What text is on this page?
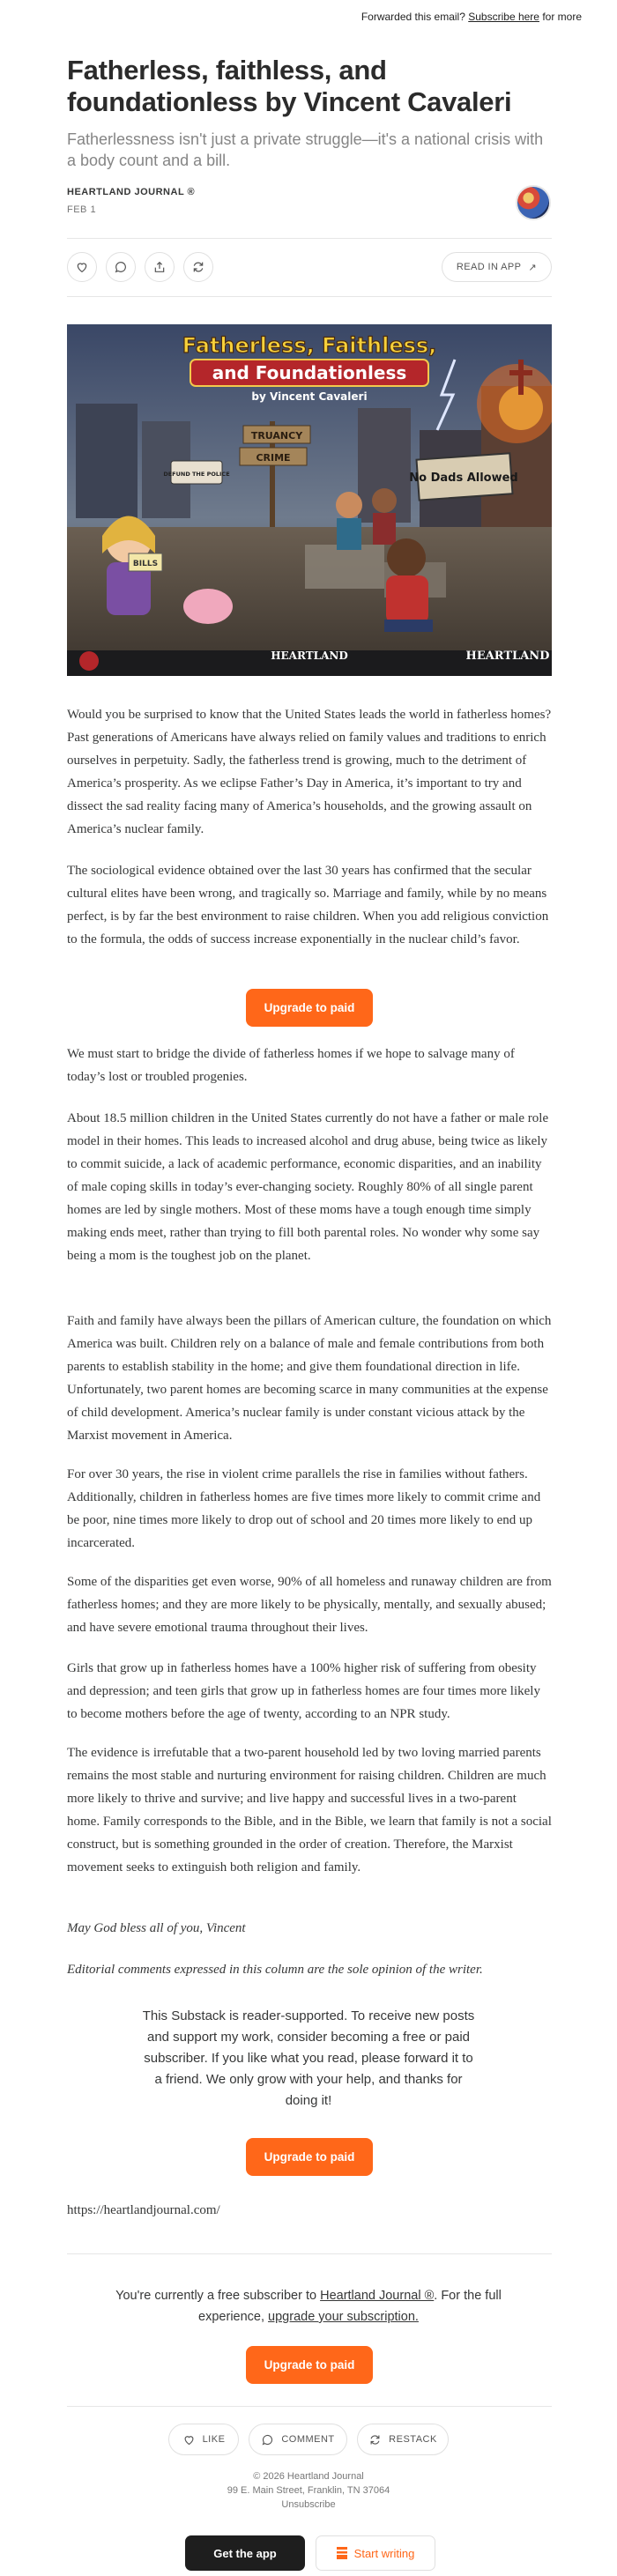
Forwarded this email? Subscribe here for more
Fatherless, faithless, and foundationless by Vincent Cavaleri

Fatherlessness isn't just a private struggle—it's a national crisis with a body count and a bill.

HEARTLAND JOURNAL ®
FEB 1
READ IN APP ↗
Fatherless, Faithless,
and Foundationless
by Vincent Cavaleri
TRUANCY
CRIME
DEFUND THE POLICE	No Dads Allowed
BILLS
HEARTLAND	HEARTLAND

Would you be surprised to know that the United States leads the world in fatherless homes? Past generations of Americans have always relied on family values and traditions to enrich ourselves in perpetuity. Sadly, the fatherless trend is growing, much to the detriment of America’s prosperity. As we eclipse Father’s Day in America, it’s important to try and dissect the sad reality facing many of America’s households, and the growing assault on America’s nuclear family.

The sociological evidence obtained over the last 30 years has confirmed that the secular cultural elites have been wrong, and tragically so. Marriage and family, while by no means perfect, is by far the best environment to raise children. When you add religious conviction to the formula, the odds of success increase exponentially in the nuclear child’s favor.

Upgrade to paid

We must start to bridge the divide of fatherless homes if we hope to salvage many of today’s lost or troubled progenies.

About 18.5 million children in the United States currently do not have a father or male role model in their homes. This leads to increased alcohol and drug abuse, being twice as likely to commit suicide, a lack of academic performance, economic disparities, and an inability of male coping skills in today’s ever-changing society. Roughly 80% of all single parent homes are led by single mothers. Most of these moms have a tough enough time simply making ends meet, rather than trying to fill both parental roles. No wonder why some say being a mom is the toughest job on the planet.

Faith and family have always been the pillars of American culture, the foundation on which America was built. Children rely on a balance of male and female contributions from both parents to establish stability in the home; and give them foundational direction in life. Unfortunately, two parent homes are becoming scarce in many communities at the expense of child development. America’s nuclear family is under constant vicious attack by the Marxist movement in America.

For over 30 years, the rise in violent crime parallels the rise in families without fathers. Additionally, children in fatherless homes are five times more likely to commit crime and be poor, nine times more likely to drop out of school and 20 times more likely to end up incarcerated.

Some of the disparities get even worse, 90% of all homeless and runaway children are from fatherless homes; and they are more likely to be physically, mentally, and sexually abused; and have severe emotional trauma throughout their lives.

Girls that grow up in fatherless homes have a 100% higher risk of suffering from obesity and depression; and teen girls that grow up in fatherless homes are four times more likely to become mothers before the age of twenty, according to an NPR study.

The evidence is irrefutable that a two-parent household led by two loving married parents remains the most stable and nurturing environment for raising children. Children are much more likely to thrive and survive; and live happy and successful lives in a two-parent home. Family corresponds to the Bible, and in the Bible, we learn that family is not a social construct, but is something grounded in the order of creation. Therefore, the Marxist movement seeks to extinguish both religion and family.

May God bless all of you, Vincent

Editorial comments expressed in this column are the sole opinion of the writer.

This Substack is reader-supported. To receive new posts and support my work, consider becoming a free or paid subscriber. If you like what you read, please forward it to a friend. We only grow with your help, and thanks for doing it!

Upgrade to paid
https://heartlandjournal.com/

You're currently a free subscriber to Heartland Journal ®. For the full experience, upgrade your subscription.

Upgrade to paid
LIKE	COMMENT	RESTACK
© 2026 Heartland Journal
99 E. Main Street, Franklin, TN 37064
Unsubscribe
Get the app	Start writing
